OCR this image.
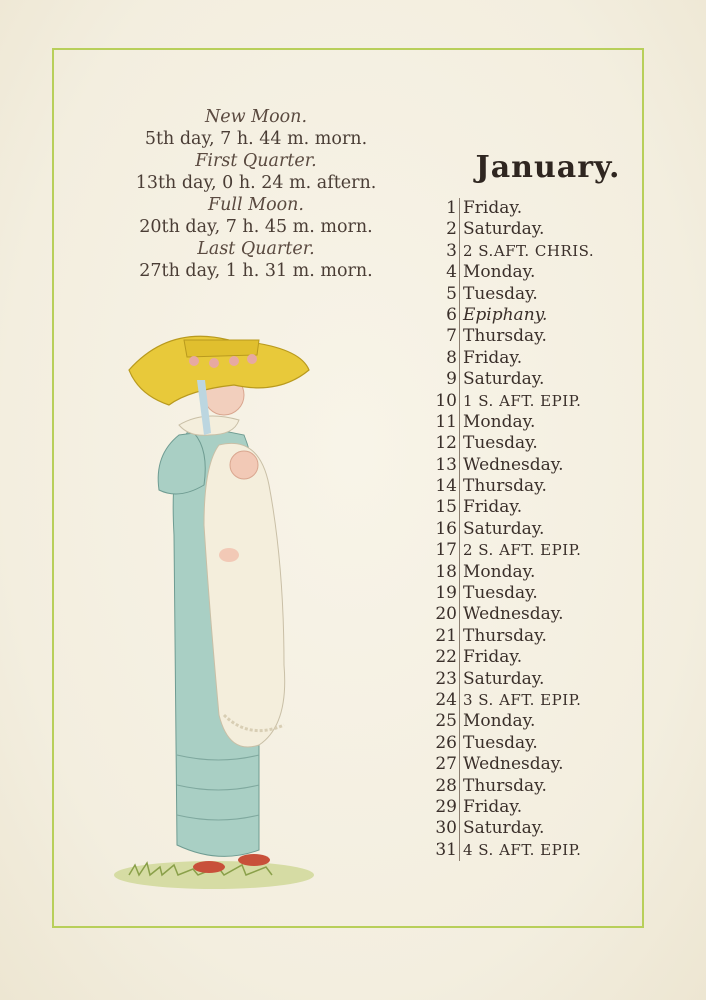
New Moon.
5th day, 7 h. 44 m. morn.
First Quarter.
13th day, 0 h. 24 m. aftern.
Full Moon.
20th day, 7 h. 45 m. morn.
Last Quarter.
27th day, 1 h. 31 m. morn.
January.
1 Friday.
2 Saturday.
3 2 S.AFT. CHRIS.
4 Monday.
5 Tuesday.
6 Epiphany.
7 Thursday.
8 Friday.
9 Saturday.
10 1 S. AFT. EPIP.
11 Monday.
12 Tuesday.
13 Wednesday.
14 Thursday.
15 Friday.
16 Saturday.
17 2 S. AFT. EPIP.
18 Monday.
19 Tuesday.
20 Wednesday.
21 Thursday.
22 Friday.
23 Saturday.
24 3 S. AFT. EPIP.
25 Monday.
26 Tuesday.
27 Wednesday.
28 Thursday.
29 Friday.
30 Saturday.
31 4 S. AFT. EPIP.
